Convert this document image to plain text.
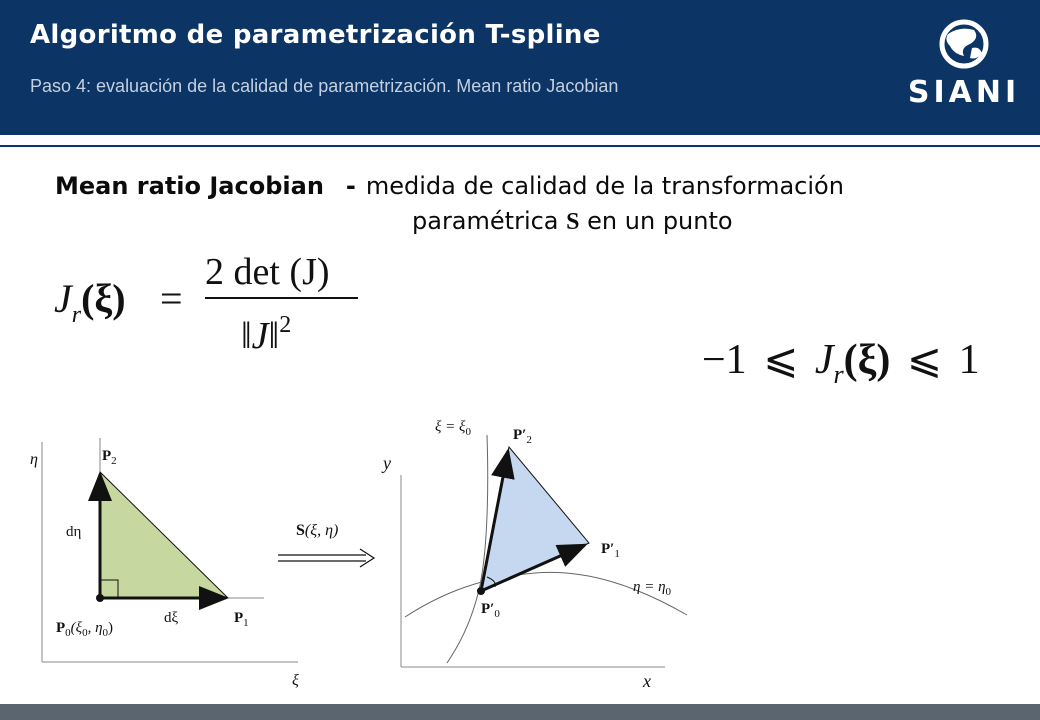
Algoritmo de parametrización T-spline
Paso 4: evaluación de la calidad de parametrización. Mean ratio Jacobian	SIANI
Mean ratio Jacobian - medida de calidad de la transformación
paramétrica S en un punto
$J_r(\xi)$ =
2 det (J)
‖J‖$^2$
−1 ⩽ $J_r(\xi)$ ⩽ 1
η
ξ
$P_2$
$P_1$
$P_0(\xi_0$, $\eta_0$)
dη
dξ
S(ξ, η)
y
x
$\xi = \xi_0$
$\eta = \eta_0$
$P'_2$
$P'_1$
$P'_0$
